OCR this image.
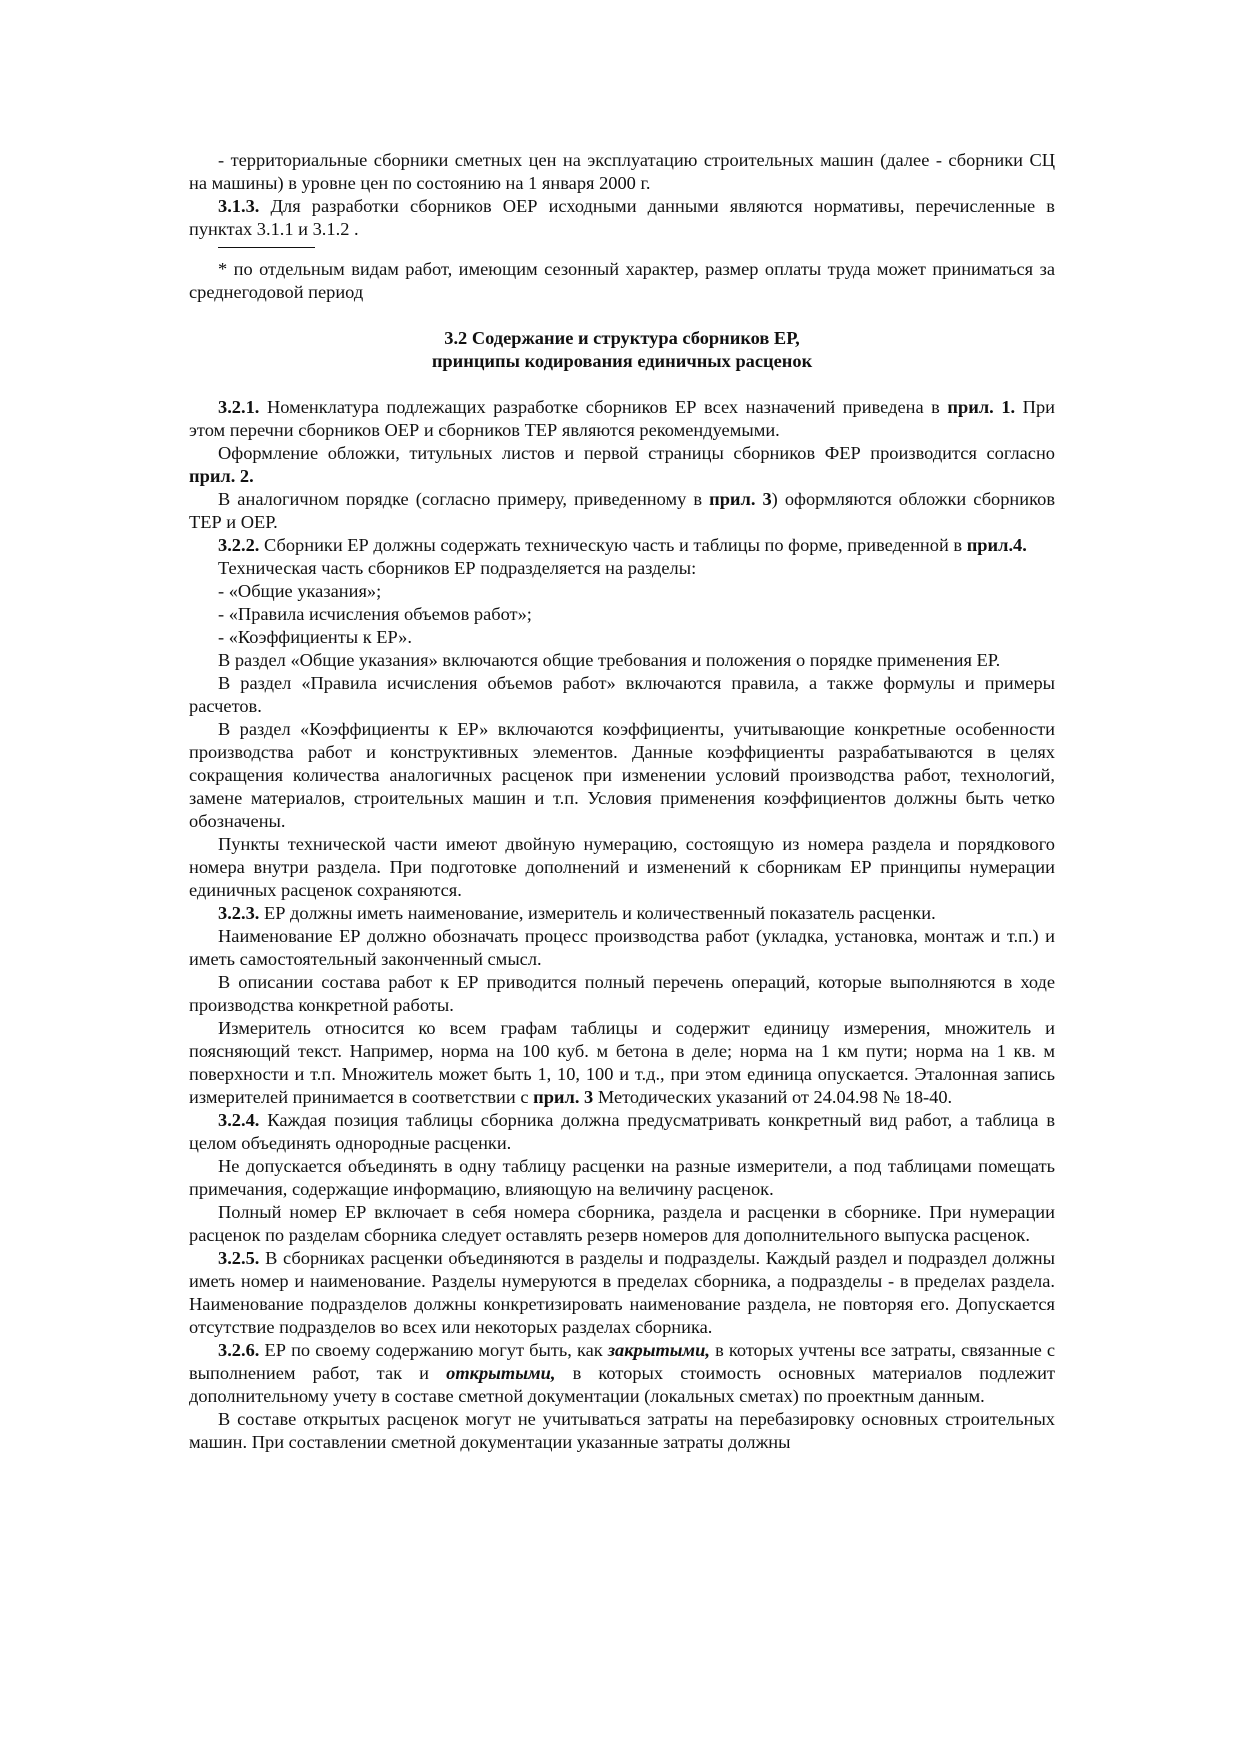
- территориальные сборники сметных цен на эксплуатацию строительных машин (далее - сборники СЦ на машины) в уровне цен по состоянию на 1 января 2000 г.

3.1.3. Для разработки сборников ОЕР исходными данными являются нормативы, перечисленные в пунктах 3.1.1 и 3.1.2 .

* по отдельным видам работ, имеющим сезонный характер, размер оплаты труда может приниматься за среднегодовой период

3.2 Содержание и структура сборников ЕР,
принципы кодирования единичных расценок

3.2.1. Номенклатура подлежащих разработке сборников ЕР всех назначений приведена в прил. 1. При этом перечни сборников ОЕР и сборников ТЕР являются рекомендуемыми.

Оформление обложки, титульных листов и первой страницы сборников ФЕР производится согласно прил. 2.

В аналогичном порядке (согласно примеру, приведенному в прил. 3) оформляются обложки сборников ТЕР и ОЕР.

3.2.2. Сборники ЕР должны содержать техническую часть и таблицы по форме, приведенной в прил.4.

Техническая часть сборников ЕР подразделяется на разделы:

- «Общие указания»;

- «Правила исчисления объемов работ»;

- «Коэффициенты к ЕР».

В раздел «Общие указания» включаются общие требования и положения о порядке применения ЕР.

В раздел «Правила исчисления объемов работ» включаются правила, а также формулы и примеры расчетов.

В раздел «Коэффициенты к ЕР» включаются коэффициенты, учитывающие конкретные особенности производства работ и конструктивных элементов. Данные коэффициенты разрабатываются в целях сокращения количества аналогичных расценок при изменении условий производства работ, технологий, замене материалов, строительных машин и т.п. Условия применения коэффициентов должны быть четко обозначены.

Пункты технической части имеют двойную нумерацию, состоящую из номера раздела и порядкового номера внутри раздела. При подготовке дополнений и изменений к сборникам ЕР принципы нумерации единичных расценок сохраняются.

3.2.3. ЕР должны иметь наименование, измеритель и количественный показатель расценки.

Наименование ЕР должно обозначать процесс производства работ (укладка, установка, монтаж и т.п.) и иметь самостоятельный законченный смысл.

В описании состава работ к ЕР приводится полный перечень операций, которые выполняются в ходе производства конкретной работы.

Измеритель относится ко всем графам таблицы и содержит единицу измерения, множитель и поясняющий текст. Например, норма на 100 куб. м бетона в деле; норма на 1 км пути; норма на 1 кв. м поверхности и т.п. Множитель может быть 1, 10, 100 и т.д., при этом единица опускается. Эталонная запись измерителей принимается в соответствии с прил. 3 Методических указаний от 24.04.98 № 18-40.

3.2.4. Каждая позиция таблицы сборника должна предусматривать конкретный вид работ, а таблица в целом объединять однородные расценки.

Не допускается объединять в одну таблицу расценки на разные измерители, а под таблицами помещать примечания, содержащие информацию, влияющую на величину расценок.

Полный номер ЕР включает в себя номера сборника, раздела и расценки в сборнике. При нумерации расценок по разделам сборника следует оставлять резерв номеров для дополнительного выпуска расценок.

3.2.5. В сборниках расценки объединяются в разделы и подразделы. Каждый раздел и подраздел должны иметь номер и наименование. Разделы нумеруются в пределах сборника, а подразделы - в пределах раздела. Наименование подразделов должны конкретизировать наименование раздела, не повторяя его. Допускается отсутствие подразделов во всех или некоторых разделах сборника.

3.2.6. ЕР по своему содержанию могут быть, как закрытыми, в которых учтены все затраты, связанные с выполнением работ, так и открытыми, в которых стоимость основных материалов подлежит дополнительному учету в составе сметной документации (локальных сметах) по проектным данным.

В составе открытых расценок могут не учитываться затраты на перебазировку основных строительных машин. При составлении сметной документации указанные затраты должны
